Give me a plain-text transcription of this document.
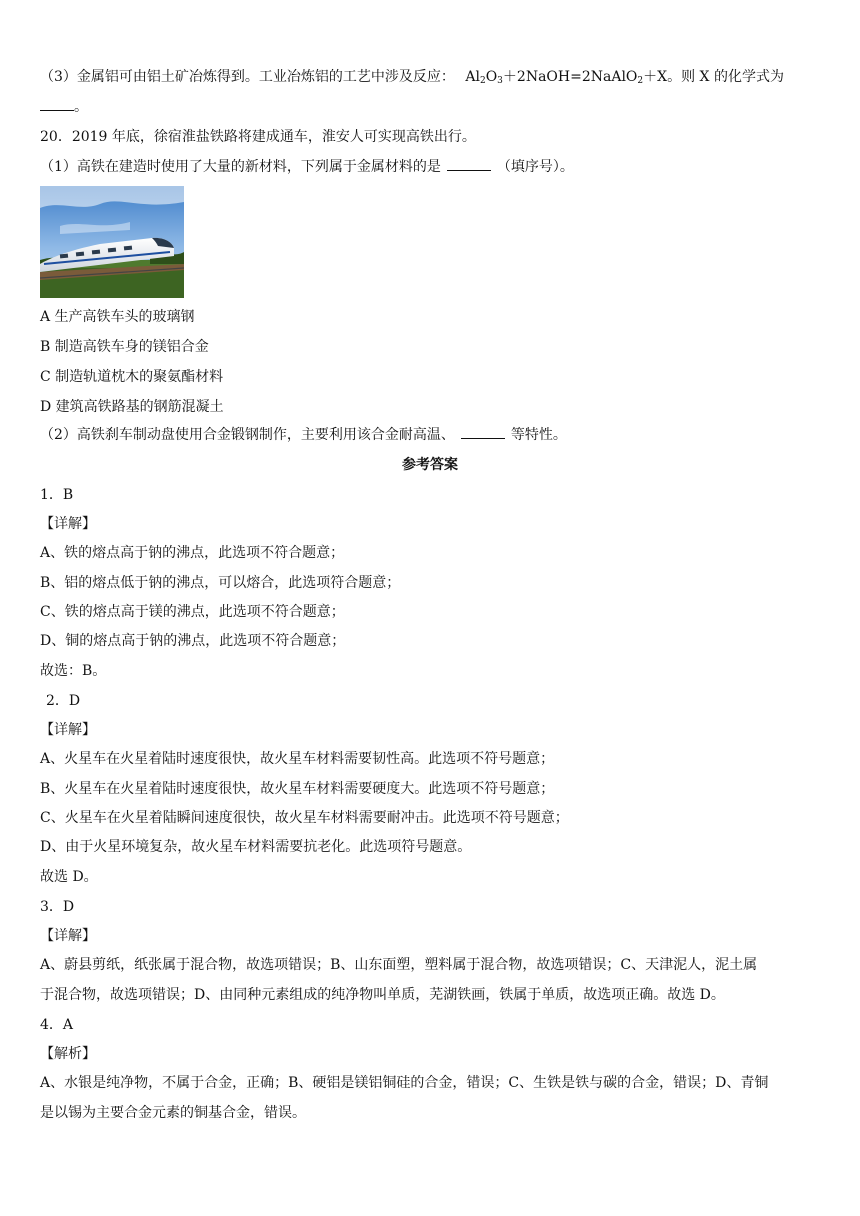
（3）金属铝可由铝土矿冶炼得到。工业冶炼铝的工艺中涉及反应： $Al_2O_3+2NaOH=2NaAlO_2+X$。则 X 的化学式为
。
20．2019 年底，徐宿淮盐铁路将建成通车，淮安人可实现高铁出行。
（1）高铁在建造时使用了大量的新材料，下列属于金属材料的是	（填序号）。
A 生产高铁车头的玻璃钢
B 制造高铁车身的镁铝合金
C 制造轨道枕木的聚氨酯材料
D 建筑高铁路基的钢筋混凝土
（2）高铁刹车制动盘使用合金锻钢制作，主要利用该合金耐高温、	等特性。
参考答案
1．B
【详解】
A、铁的熔点高于钠的沸点，此选项不符合题意；
B、铝的熔点低于钠的沸点，可以熔合，此选项符合题意；
C、铁的熔点高于镁的沸点，此选项不符合题意；
D、铜的熔点高于钠的沸点，此选项不符合题意；
故选：B。
2．D
【详解】
A、火星车在火星着陆时速度很快，故火星车材料需要韧性高。此选项不符号题意；
B、火星车在火星着陆时速度很快，故火星车材料需要硬度大。此选项不符号题意；
C、火星车在火星着陆瞬间速度很快，故火星车材料需要耐冲击。此选项不符号题意；
D、由于火星环境复杂，故火星车材料需要抗老化。此选项符号题意。
故选 D。
3．D
【详解】
A、蔚县剪纸，纸张属于混合物，故选项错误；B、山东面塑，塑料属于混合物，故选项错误；C、天津泥人，泥土属
于混合物，故选项错误；D、由同种元素组成的纯净物叫单质，芜湖铁画，铁属于单质，故选项正确。故选 D。
4．A
【解析】
A、水银是纯净物，不属于合金，正确；B、硬铝是镁铝铜硅的合金，错误；C、生铁是铁与碳的合金，错误；D、青铜
是以锡为主要合金元素的铜基合金，错误。
